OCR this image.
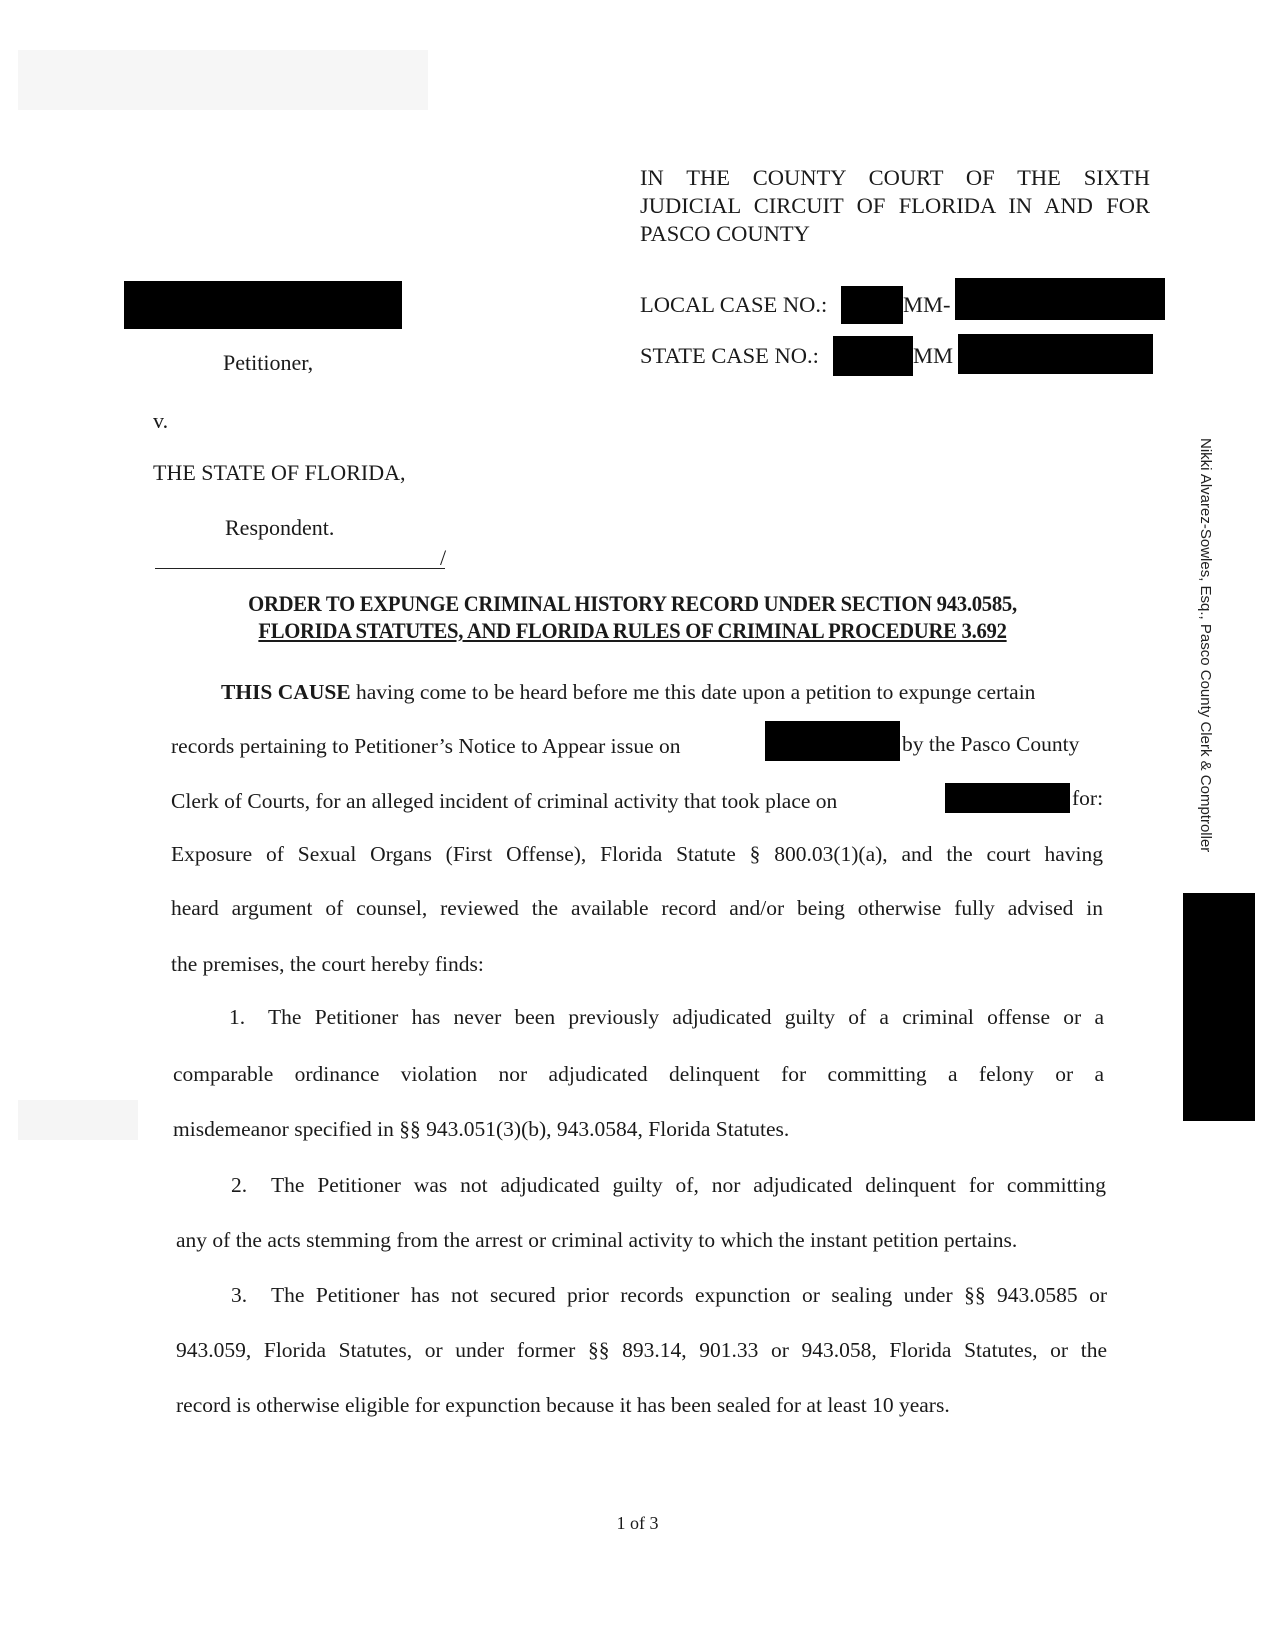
IN THE COUNTY COURT OF THE SIXTH
JUDICIAL CIRCUIT OF FLORIDA IN AND FOR
PASCO COUNTY
LOCAL CASE NO.:	MM-
STATE CASE NO.:	MM
Petitioner,
v.
THE STATE OF FLORIDA,
Respondent.
/
ORDER TO EXPUNGE CRIMINAL HISTORY RECORD UNDER SECTION 943.0585,
FLORIDA STATUTES, AND FLORIDA RULES OF CRIMINAL PROCEDURE 3.692
THIS CAUSE having come to be heard before me this date upon a petition to expunge certain
records pertaining to Petitioner’s Notice to Appear issue on	by the Pasco County
Clerk of Courts, for an alleged incident of criminal activity that took place on	for:
Exposure of Sexual Organs (First Offense), Florida Statute § 800.03(1)(a), and the court having
heard argument of counsel, reviewed the available record and/or being otherwise fully advised in
the premises, the court hereby finds:
1. The Petitioner has never been previously adjudicated guilty of a criminal offense or a
comparable ordinance violation nor adjudicated delinquent for committing a felony or a
misdemeanor specified in §§ 943.051(3)(b), 943.0584, Florida Statutes.
2. The Petitioner was not adjudicated guilty of, nor adjudicated delinquent for committing
any of the acts stemming from the arrest or criminal activity to which the instant petition pertains.
3. The Petitioner has not secured prior records expunction or sealing under §§ 943.0585 or
943.059, Florida Statutes, or under former §§ 893.14, 901.33 or 943.058, Florida Statutes, or the
record is otherwise eligible for expunction because it has been sealed for at least 10 years.
Nikki Alvarez-Sowles, Esq., Pasco County Clerk & Comptroller
1 of 3
